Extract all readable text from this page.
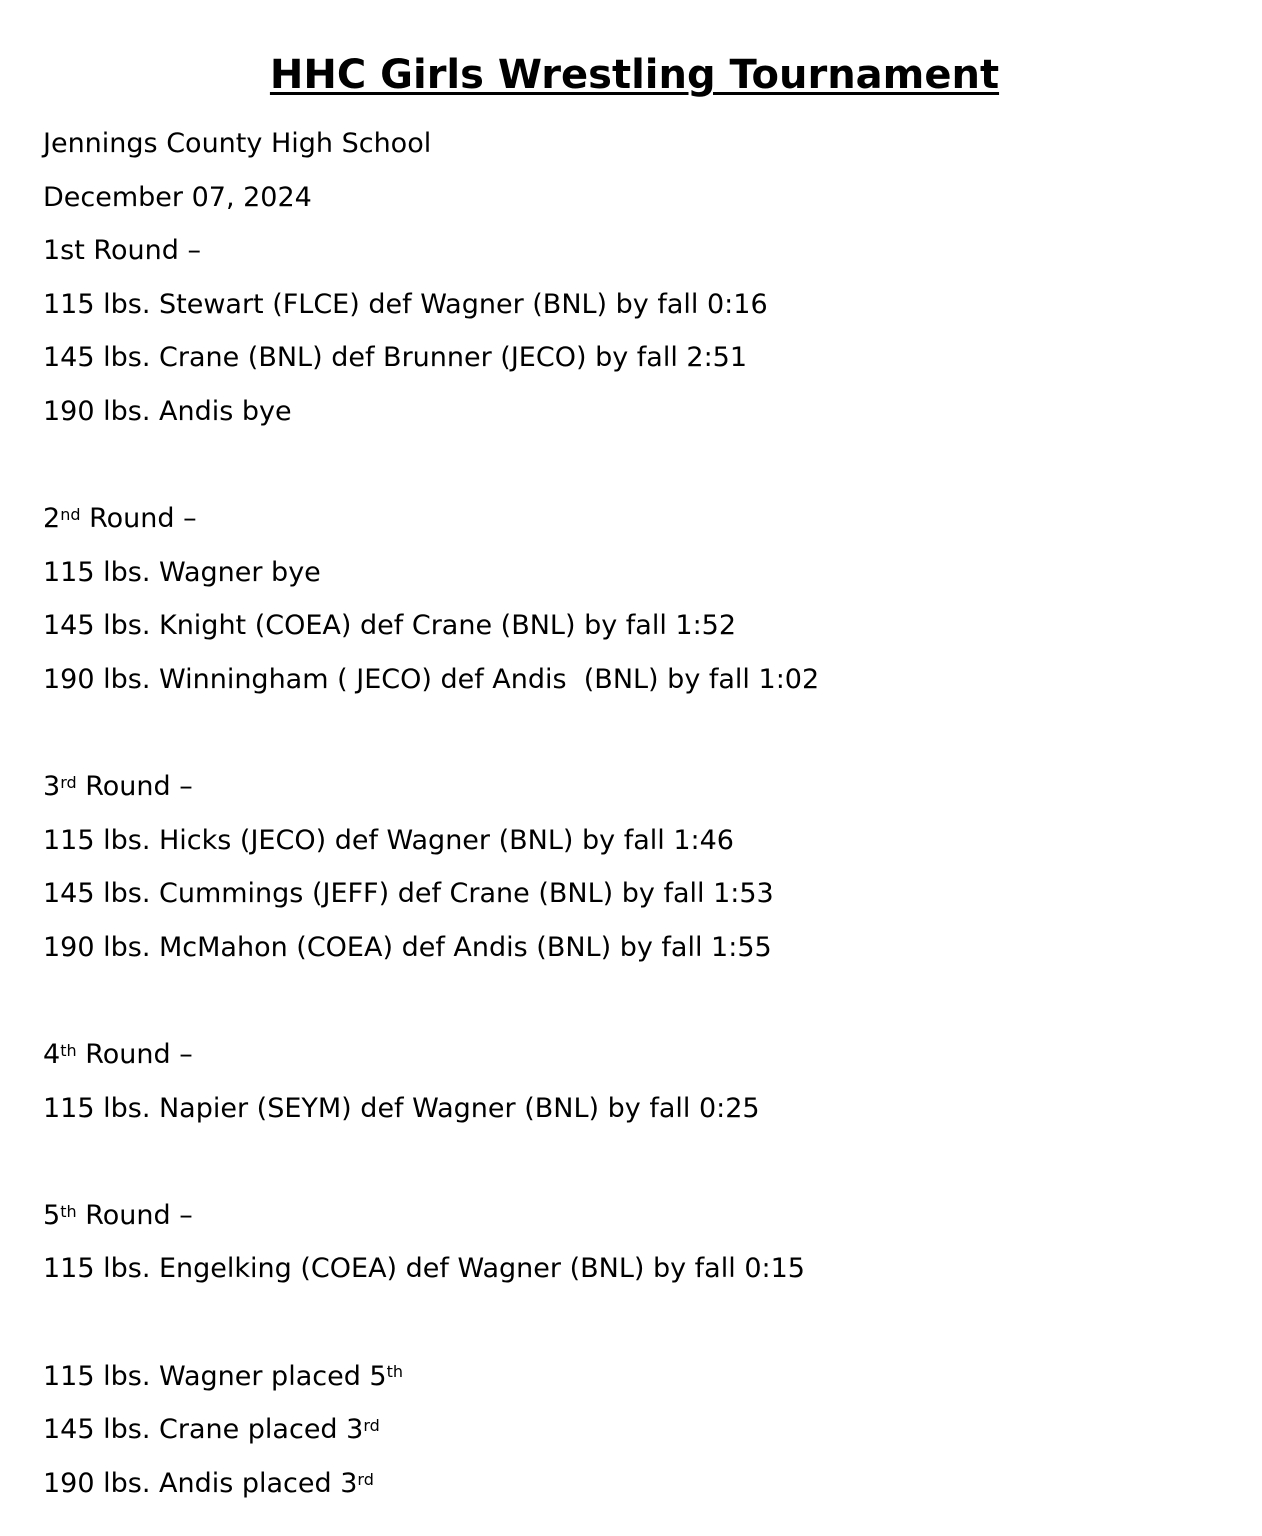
HHC Girls Wrestling Tournament

Jennings County High School

December 07, 2024

1st Round –

115 lbs. Stewart (FLCE) def Wagner (BNL) by fall 0:16

145 lbs. Crane (BNL) def Brunner (JECO) by fall 2:51

190 lbs. Andis bye

2nd Round –

115 lbs. Wagner bye

145 lbs. Knight (COEA) def Crane (BNL) by fall 1:52

190 lbs. Winningham ( JECO) def Andis  (BNL) by fall 1:02

3rd Round –

115 lbs. Hicks (JECO) def Wagner (BNL) by fall 1:46

145 lbs. Cummings (JEFF) def Crane (BNL) by fall 1:53

190 lbs. McMahon (COEA) def Andis (BNL) by fall 1:55

4th Round –

115 lbs. Napier (SEYM) def Wagner (BNL) by fall 0:25

5th Round –

115 lbs. Engelking (COEA) def Wagner (BNL) by fall 0:15

115 lbs. Wagner placed 5th

145 lbs. Crane placed 3rd

190 lbs. Andis placed 3rd
